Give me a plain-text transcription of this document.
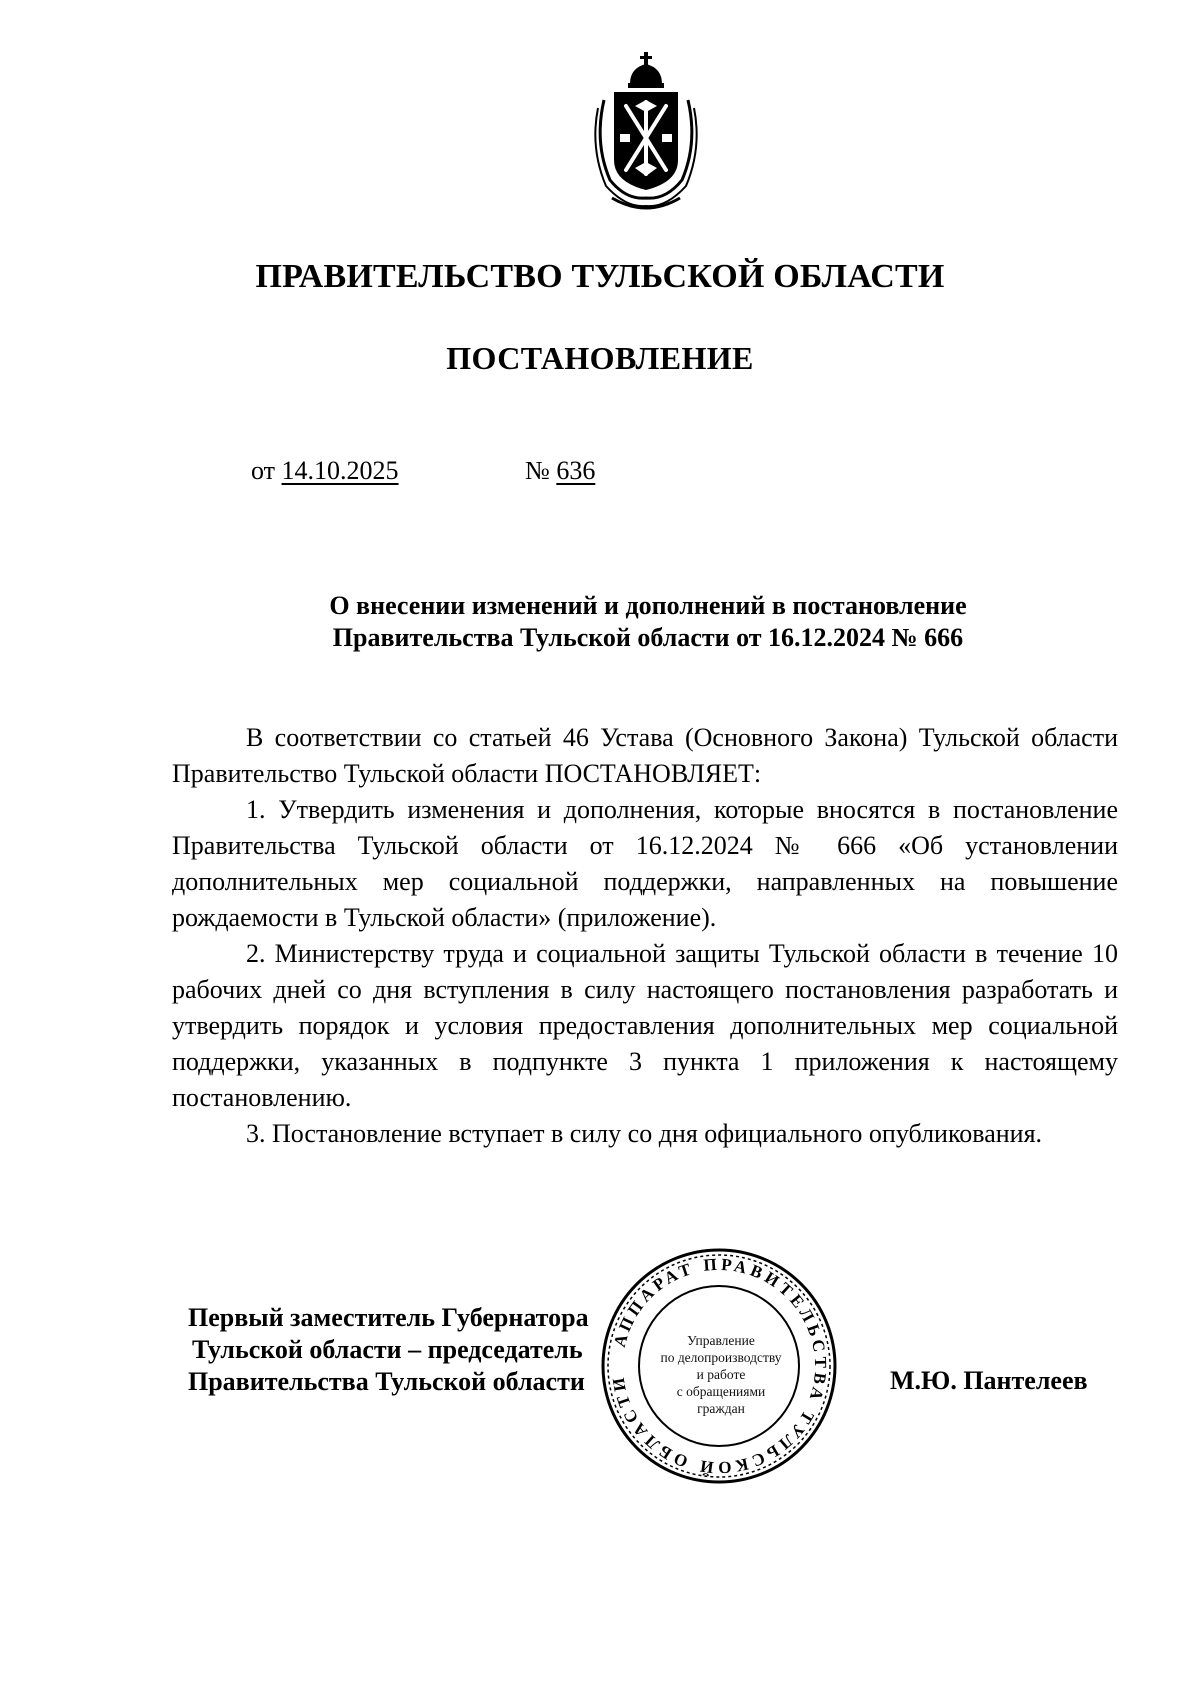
ПРАВИТЕЛЬСТВО ТУЛЬСКОЙ ОБЛАСТИ
ПОСТАНОВЛЕНИЕ
от 14.10.2025	№ 636
О внесении изменений и дополнений в постановление
Правительства Тульской области от 16.12.2024 № 666

В соответствии со статьей 46 Устава (Основного Закона) Тульской области Правительство Тульской области ПОСТАНОВЛЯЕТ:

1. Утвердить изменения и дополнения, которые вносятся в постановление Правительства Тульской области от 16.12.2024 № 666 «Об установлении дополнительных мер социальной поддержки, направленных на повышение рождаемости в Тульской области» (приложение).

2. Министерству труда и социальной защиты Тульской области в течение 10 рабочих дней со дня вступления в силу настоящего постановления разработать и утвердить порядок и условия предоставления дополнительных мер социальной поддержки, указанных в подпункте 3 пункта 1 приложения к настоящему постановлению.

3. Постановление вступает в силу со дня официального опубликования.

Первый заместитель Губернатора
Тульской области – председатель
Правительства Тульской области	М.Ю. Пантелеев
АППАРАТ ПРАВИТЕЛЬСТВА ТУЛЬСКОЙ ОБЛАСТИ
Управление
по делопроизводству
и работе
с обращениями
граждан
